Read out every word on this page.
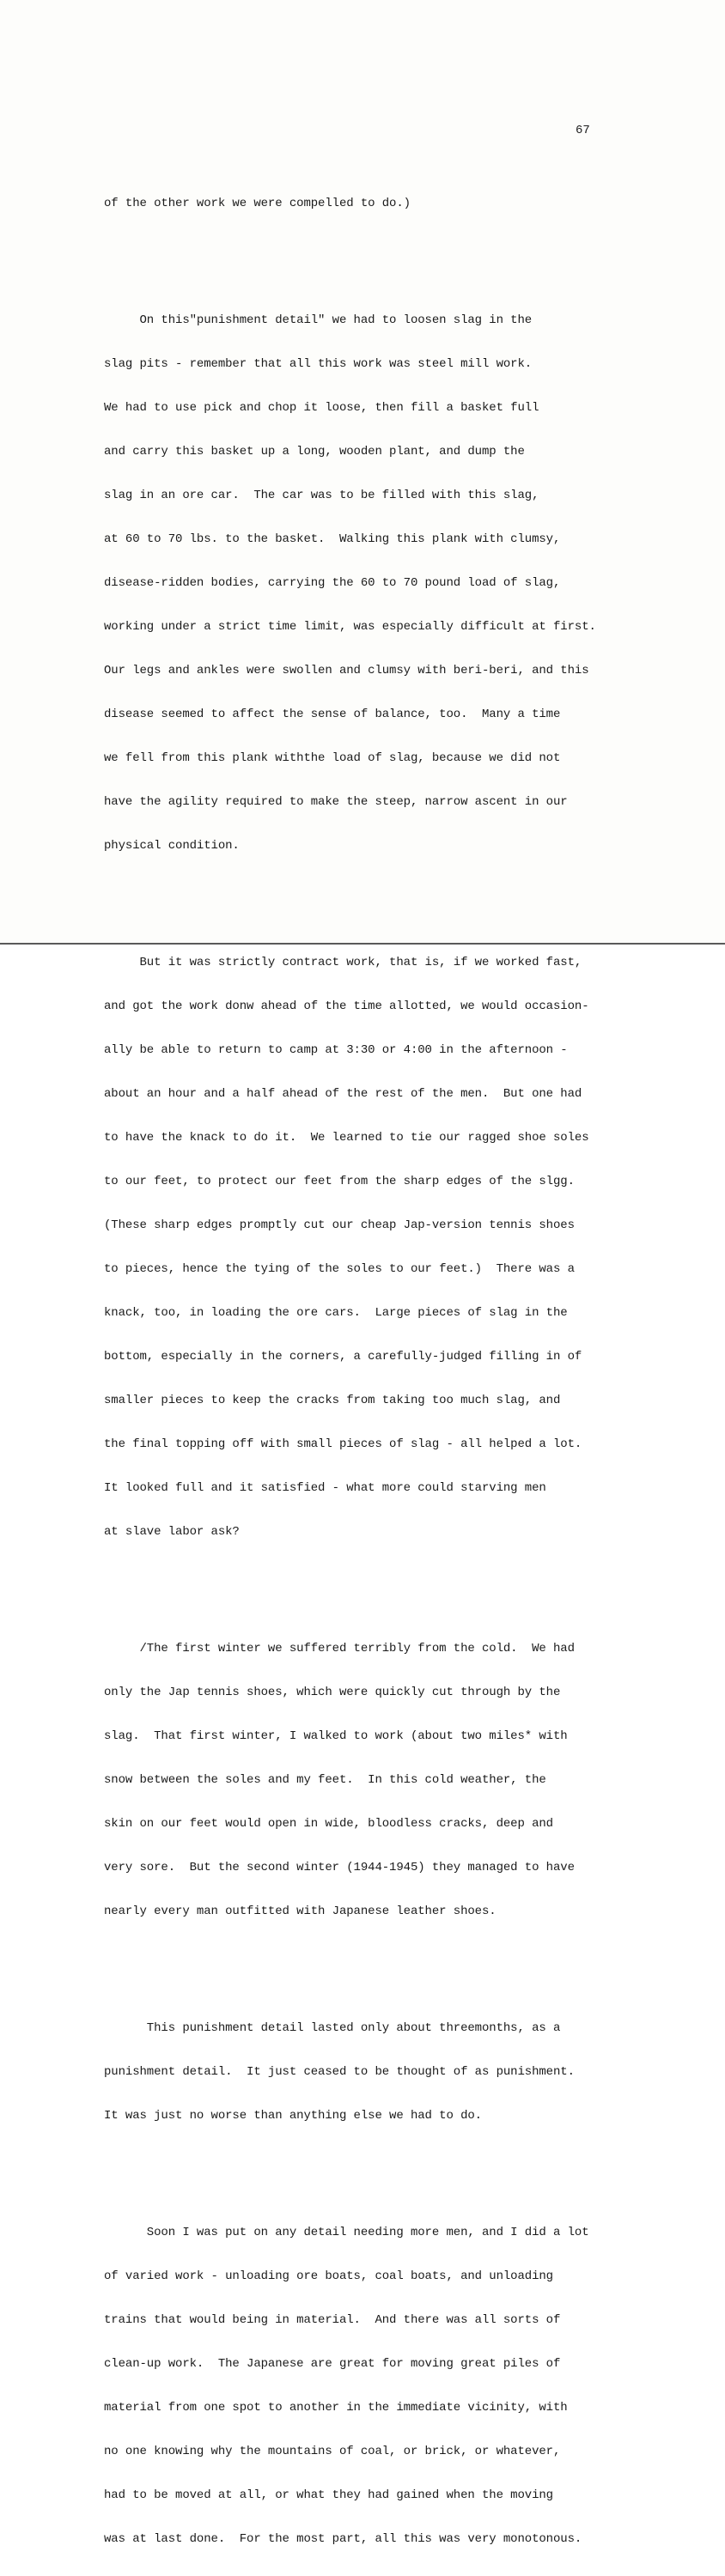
67

of the other work we were compelled to do.)

On this"punishment detail" we had to loosen slag in the

slag pits - remember that all this work was steel mill work.

We had to use pick and chop it loose, then fill a basket full

and carry this basket up a long, wooden plant, and dump the

slag in an ore car.  The car was to be filled with this slag,

at 60 to 70 lbs. to the basket.  Walking this plank with clumsy,

disease-ridden bodies, carrying the 60 to 70 pound load of slag,

working under a strict time limit, was especially difficult at first.

Our legs and ankles were swollen and clumsy with beri-beri, and this

disease seemed to affect the sense of balance, too.  Many a time

we fell from this plank withthe load of slag, because we did not

have the agility required to make the steep, narrow ascent in our

physical condition.

But it was strictly contract work, that is, if we worked fast,

and got the work donw ahead of the time allotted, we would occasion-

ally be able to return to camp at 3:30 or 4:00 in the afternoon -

about an hour and a half ahead of the rest of the men.  But one had

to have the knack to do it.  We learned to tie our ragged shoe soles

to our feet, to protect our feet from the sharp edges of the slgg.

(These sharp edges promptly cut our cheap Jap-version tennis shoes

to pieces, hence the tying of the soles to our feet.)  There was a

knack, too, in loading the ore cars.  Large pieces of slag in the

bottom, especially in the corners, a carefully-judged filling in of

smaller pieces to keep the cracks from taking too much slag, and

the final topping off with small pieces of slag - all helped a lot.

It looked full and it satisfied - what more could starving men

at slave labor ask?

/The first winter we suffered terribly from the cold.  We had

only the Jap tennis shoes, which were quickly cut through by the

slag.  That first winter, I walked to work (about two miles* with

snow between the soles and my feet.  In this cold weather, the

skin on our feet would open in wide, bloodless cracks, deep and

very sore.  But the second winter (1944-1945) they managed to have

nearly every man outfitted with Japanese leather shoes.

This punishment detail lasted only about threemonths, as a

punishment detail.  It just ceased to be thought of as punishment.

It was just no worse than anything else we had to do.

Soon I was put on any detail needing more men, and I did a lot

of varied work - unloading ore boats, coal boats, and unloading

trains that would being in material.  And there was all sorts of

clean-up work.  The Japanese are great for moving great piles of

material from one spot to another in the immediate vicinity, with

no one knowing why the mountains of coal, or brick, or whatever,

had to be moved at all, or what they had gained when the moving

was at last done.  For the most part, all this was very monotonous.
